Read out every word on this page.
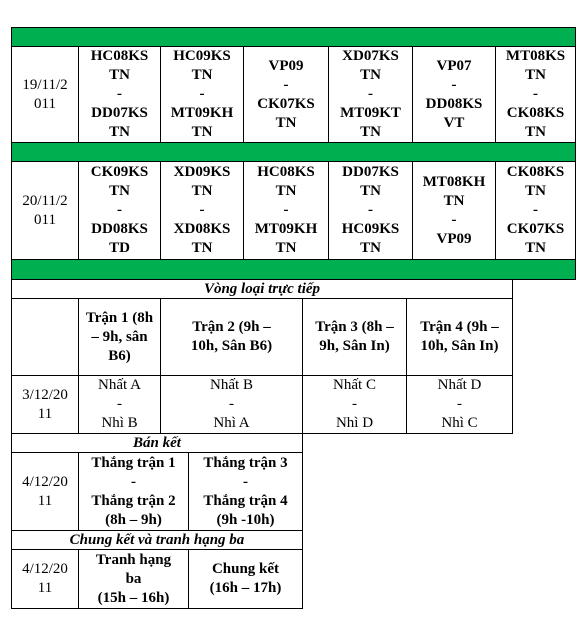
19/11/2011
HC08KS TN
-
DD07KS TN
HC09KS TN
-
MT09KH TN
VP09
-
CK07KS TN
XD07KS TN
-
MT09KT TN
VP07
-
DD08KS VT
MT08KS TN
-
CK08KS TN
20/11/2011
CK09KS TN
-
DD08KS TD
XD09KS TN
-
XD08KS TN
HC08KS TN
-
MT09KH TN
DD07KS TN
-
HC09KS TN
MT08KH TN
-
VP09
CK08KS TN
-
CK07KS TN
Vòng loại trực tiếp
Trận 1 (8h – 9h, sân B6)
Trận 2 (9h – 10h, Sân B6)
Trận 3 (8h – 9h, Sân In)
Trận 4 (9h – 10h, Sân In)
3/12/2011
Nhất A
-
Nhì B
Nhất B
-
Nhì A
Nhất C
-
Nhì D
Nhất D
-
Nhì C
Bán kết
4/12/2011
Thắng trận 1
-
Thắng trận 2
(8h – 9h)
Thắng trận 3
-
Thắng trận 4
(9h -10h)
Chung kết và tranh hạng ba
4/12/2011
Tranh hạng ba
(15h – 16h)
Chung kết
(16h – 17h)
